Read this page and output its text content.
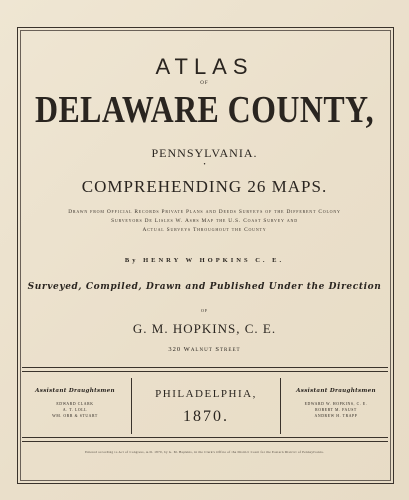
ATLAS
OF
DELAWARE COUNTY,
PENNSYLVANIA.
•
COMPREHENDING 26 MAPS.
Drawn from Official Records Private Plans and Deeds Surveys of the Different Colony
Surveyors De Lisles W. Ashs Map the U.S. Coast Survey and
Actual Surveys Throughout the County
By HENRY W HOPKINS C. E.
Surveyed, Compiled, Drawn and Published Under the Direction
OF
G. M. HOPKINS, C. E.
320 Walnut Street
Assistant Draughtsmen
EDWARD CLARK
A. T. LOLL
WM. ORR & STUART
PHILADELPHIA,
1870.
Assistant Draughtsmen
EDWARD W. HOPKINS, C. E.
ROBERT M. FAUST
ANDREW H. TRAPP
Entered according to Act of Congress, A.D. 1870, by G. M. Hopkins, in the Clerk's Office of the District Court for the Eastern District of Pennsylvania.
